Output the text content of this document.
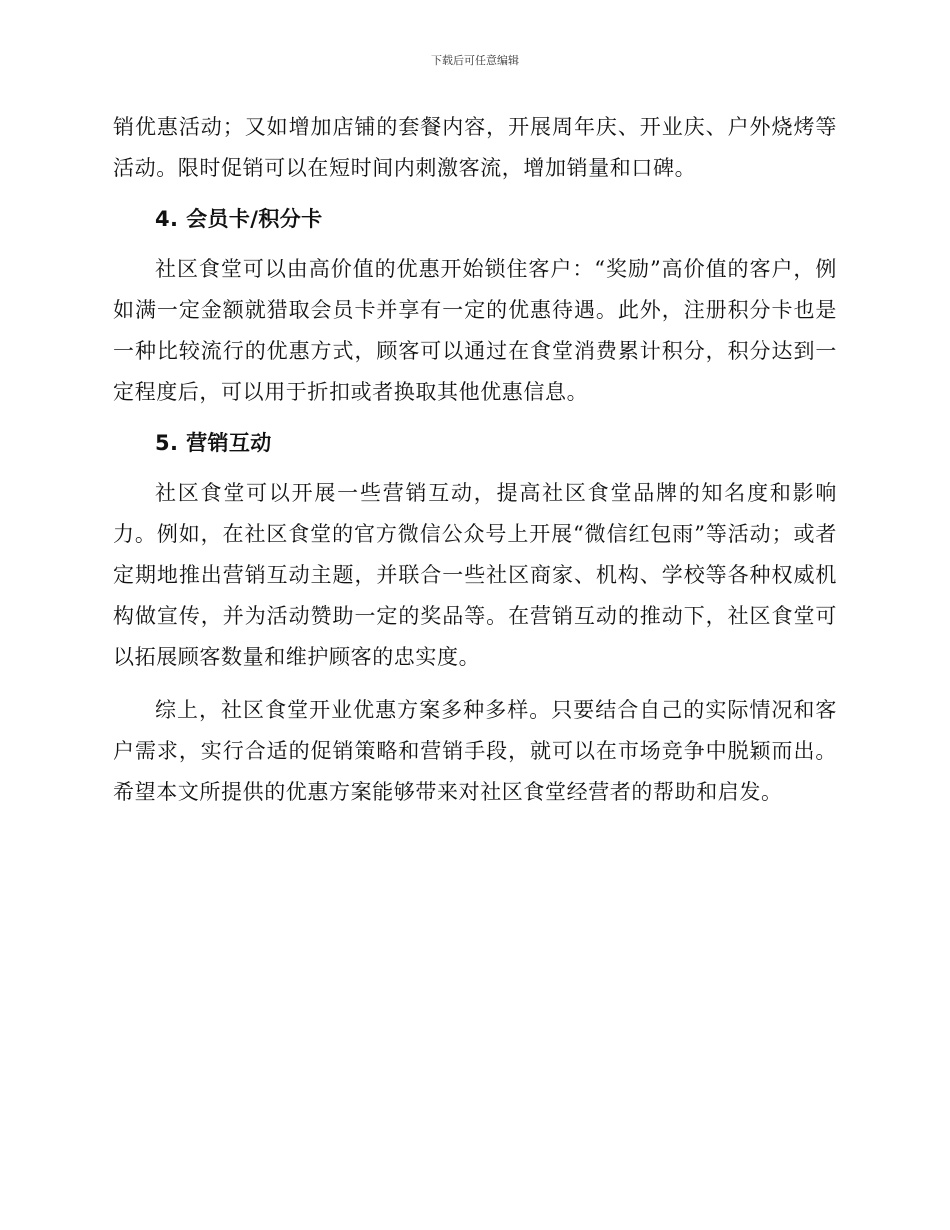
下载后可任意编辑

销优惠活动；又如增加店铺的套餐内容，开展周年庆、开业庆、户外烧烤等活动。限时促销可以在短时间内刺激客流，增加销量和口碑。

4. 会员卡/积分卡

社区食堂可以由高价值的优惠开始锁住客户：“奖励”高价值的客户，例如满一定金额就猎取会员卡并享有一定的优惠待遇。此外，注册积分卡也是一种比较流行的优惠方式，顾客可以通过在食堂消费累计积分，积分达到一定程度后，可以用于折扣或者换取其他优惠信息。

5. 营销互动

社区食堂可以开展一些营销互动，提高社区食堂品牌的知名度和影响力。例如，在社区食堂的官方微信公众号上开展“微信红包雨”等活动；或者定期地推出营销互动主题，并联合一些社区商家、机构、学校等各种权威机构做宣传，并为活动赞助一定的奖品等。在营销互动的推动下，社区食堂可以拓展顾客数量和维护顾客的忠实度。

综上，社区食堂开业优惠方案多种多样。只要结合自己的实际情况和客户需求，实行合适的促销策略和营销手段，就可以在市场竞争中脱颖而出。希望本文所提供的优惠方案能够带来对社区食堂经营者的帮助和启发。
